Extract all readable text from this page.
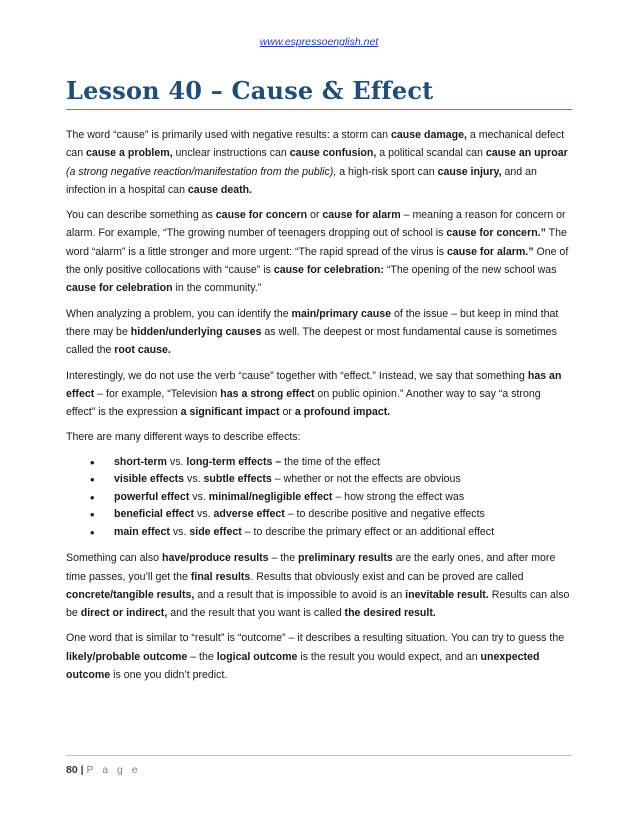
www.espressoenglish.net
Lesson 40 – Cause & Effect

The word “cause” is primarily used with negative results: a storm can cause damage, a mechanical defect can cause a problem, unclear instructions can cause confusion, a political scandal can cause an uproar (a strong negative reaction/manifestation from the public), a high-risk sport can cause injury, and an infection in a hospital can cause death.

You can describe something as cause for concern or cause for alarm – meaning a reason for concern or alarm. For example, “The growing number of teenagers dropping out of school is cause for concern.” The word “alarm” is a little stronger and more urgent: “The rapid spread of the virus is cause for alarm.” One of the only positive collocations with “cause” is cause for celebration: “The opening of the new school was cause for celebration in the community.”

When analyzing a problem, you can identify the main/primary cause of the issue – but keep in mind that there may be hidden/underlying causes as well. The deepest or most fundamental cause is sometimes called the root cause.

Interestingly, we do not use the verb “cause” together with “effect.” Instead, we say that something has an effect – for example, “Television has a strong effect on public opinion.” Another way to say “a strong effect” is the expression a significant impact or a profound impact.

There are many different ways to describe effects:

• short-term vs. long-term effects – the time of the effect
• visible effects vs. subtle effects – whether or not the effects are obvious
• powerful effect vs. minimal/negligible effect – how strong the effect was
• beneficial effect vs. adverse effect – to describe positive and negative effects
• main effect vs. side effect – to describe the primary effect or an additional effect

Something can also have/produce results – the preliminary results are the early ones, and after more time passes, you’ll get the final results. Results that obviously exist and can be proved are called concrete/tangible results, and a result that is impossible to avoid is an inevitable result. Results can also be direct or indirect, and the result that you want is called the desired result.

One word that is similar to “result” is “outcome” – it describes a resulting situation. You can try to guess the likely/probable outcome – the logical outcome is the result you would expect, and an unexpected outcome is one you didn’t predict.

80 | P a g e
